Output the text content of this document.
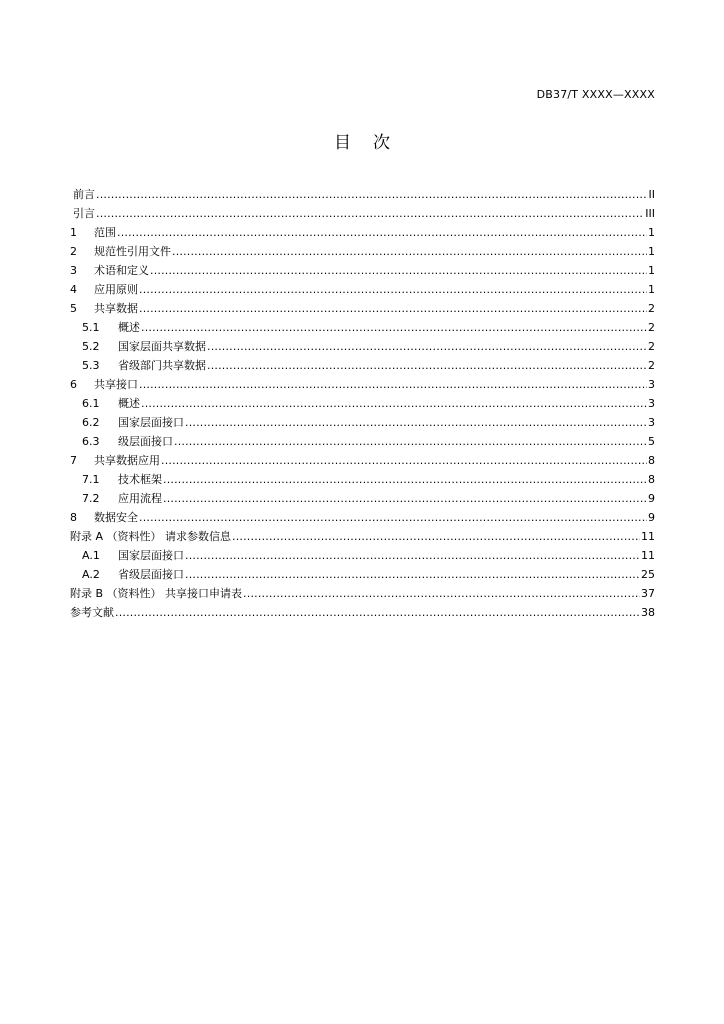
DB37/T XXXX—XXXX
目次
前言 .....	II
引言 .....	III
1	范围 .....	1
2	规范性引用文件 .....	1
3	术语和定义 .....	1
4	应用原则 .....	1
5	共享数据 .....	2
5.1	概述 .....	2
5.2	国家层面共享数据 .....	2
5.3	省级部门共享数据 .....	2
6	共享接口 .....	3
6.1	概述 .....	3
6.2	国家层面接口 .....	3
6.3	级层面接口 .....	5
7	共享数据应用 .....	8
7.1	技术框架 .....	8
7.2	应用流程 .....	9
8	数据安全 .....	9
附录 A （资料性） 请求参数信息 .....	11
A.1	国家层面接口 .....	11
A.2	省级层面接口 .....	25
附录 B （资料性） 共享接口申请表 .....	37
参考文献 .....	38
